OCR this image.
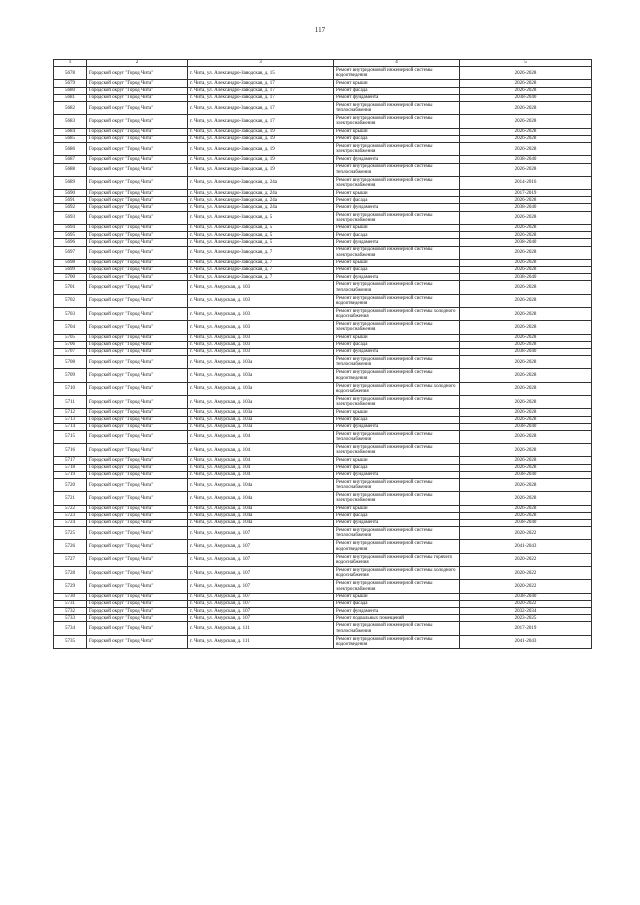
117
1	2	3	4	5
5678	Городской округ "Город Чита"	г. Чита, ул. Александро-Заводская, д. 15	Ремонт внутридомовой инженерной системы водоотведения	2026-2028
5679	Городской округ "Город Чита"	г. Чита, ул. Александро-Заводская, д. 17	Ремонт крыши	2026-2028
5680	Городской округ "Город Чита"	г. Чита, ул. Александро-Заводская, д. 17	Ремонт фасада	2026-2028
5681	Городской округ "Город Чита"	г. Чита, ул. Александро-Заводская, д. 17	Ремонт фундамента	2038-2040
5682	Городской округ "Город Чита"	г. Чита, ул. Александро-Заводская, д. 17	Ремонт внутридомовой инженерной системы теплоснабжения	2026-2028
5683	Городской округ "Город Чита"	г. Чита, ул. Александро-Заводская, д. 17	Ремонт внутридомовой инженерной системы электроснабжения	2026-2028
5684	Городской округ "Город Чита"	г. Чита, ул. Александро-Заводская, д. 19	Ремонт крыши	2026-2028
5685	Городской округ "Город Чита"	г. Чита, ул. Александро-Заводская, д. 19	Ремонт фасада	2026-2028
5686	Городской округ "Город Чита"	г. Чита, ул. Александро-Заводская, д. 19	Ремонт внутридомовой инженерной системы электроснабжения	2026-2028
5687	Городской округ "Город Чита"	г. Чита, ул. Александро-Заводская, д. 19	Ремонт фундамента	2038-2040
5688	Городской округ "Город Чита"	г. Чита, ул. Александро-Заводская, д. 19	Ремонт внутридомовой инженерной системы теплоснабжения	2026-2028
5689	Городской округ "Город Чита"	г. Чита, ул. Александро-Заводская, д. 24а	Ремонт внутридомовой инженерной системы электроснабжения	2014-2016
5690	Городской округ "Город Чита"	г. Чита, ул. Александро-Заводская, д. 24а	Ремонт крыши	2017-2019
5691	Городской округ "Город Чита"	г. Чита, ул. Александро-Заводская, д. 24а	Ремонт фасада	2026-2028
5692	Городской округ "Город Чита"	г. Чита, ул. Александро-Заводская, д. 24а	Ремонт фундамента	2038-2040
5693	Городской округ "Город Чита"	г. Чита, ул. Александро-Заводская, д. 5	Ремонт внутридомовой инженерной системы электроснабжения	2026-2028
5694	Городской округ "Город Чита"	г. Чита, ул. Александро-Заводская, д. 5	Ремонт крыши	2026-2028
5695	Городской округ "Город Чита"	г. Чита, ул. Александро-Заводская, д. 5	Ремонт фасада	2026-2028
5696	Городской округ "Город Чита"	г. Чита, ул. Александро-Заводская, д. 5	Ремонт фундамента	2038-2040
5697	Городской округ "Город Чита"	г. Чита, ул. Александро-Заводская, д. 7	Ремонт внутридомовой инженерной системы электроснабжения	2026-2028
5698	Городской округ "Город Чита"	г. Чита, ул. Александро-Заводская, д. 7	Ремонт крыши	2026-2028
5699	Городской округ "Город Чита"	г. Чита, ул. Александро-Заводская, д. 7	Ремонт фасада	2026-2028
5700	Городской округ "Город Чита"	г. Чита, ул. Александро-Заводская, д. 7	Ремонт фундамента	2038-2040
5701	Городской округ "Город Чита"	г. Чита, ул. Амурская, д. 103	Ремонт внутридомовой инженерной системы теплоснабжения	2026-2028
5702	Городской округ "Город Чита"	г. Чита, ул. Амурская, д. 103	Ремонт внутридомовой инженерной системы водоотведения	2026-2028
5703	Городской округ "Город Чита"	г. Чита, ул. Амурская, д. 103	Ремонт внутридомовой инженерной системы холодного водоснабжения	2026-2028
5704	Городской округ "Город Чита"	г. Чита, ул. Амурская, д. 103	Ремонт внутридомовой инженерной системы электроснабжения	2026-2028
5705	Городской округ "Город Чита"	г. Чита, ул. Амурская, д. 103	Ремонт крыши	2026-2028
5706	Городской округ "Город Чита"	г. Чита, ул. Амурская, д. 103	Ремонт фасада	2026-2028
5707	Городской округ "Город Чита"	г. Чита, ул. Амурская, д. 103	Ремонт фундамента	2038-2040
5708	Городской округ "Город Чита"	г. Чита, ул. Амурская, д. 103а	Ремонт внутридомовой инженерной системы теплоснабжения	2026-2028
5709	Городской округ "Город Чита"	г. Чита, ул. Амурская, д. 103а	Ремонт внутридомовой инженерной системы водоотведения	2026-2028
5710	Городской округ "Город Чита"	г. Чита, ул. Амурская, д. 103а	Ремонт внутридомовой инженерной системы холодного водоснабжения	2026-2028
5711	Городской округ "Город Чита"	г. Чита, ул. Амурская, д. 103а	Ремонт внутридомовой инженерной системы электроснабжения	2026-2028
5712	Городской округ "Город Чита"	г. Чита, ул. Амурская, д. 103а	Ремонт крыши	2026-2028
5713	Городской округ "Город Чита"	г. Чита, ул. Амурская, д. 103а	Ремонт фасада	2026-2028
5714	Городской округ "Город Чита"	г. Чита, ул. Амурская, д. 103а	Ремонт фундамента	2038-2040
5715	Городской округ "Город Чита"	г. Чита, ул. Амурская, д. 104	Ремонт внутридомовой инженерной системы теплоснабжения	2026-2028
5716	Городской округ "Город Чита"	г. Чита, ул. Амурская, д. 104	Ремонт внутридомовой инженерной системы электроснабжения	2026-2028
5717	Городской округ "Город Чита"	г. Чита, ул. Амурская, д. 104	Ремонт крыши	2026-2028
5718	Городской округ "Город Чита"	г. Чита, ул. Амурская, д. 104	Ремонт фасада	2026-2028
5719	Городской округ "Город Чита"	г. Чита, ул. Амурская, д. 104	Ремонт фундамента	2038-2040
5720	Городской округ "Город Чита"	г. Чита, ул. Амурская, д. 104а	Ремонт внутридомовой инженерной системы теплоснабжения	2026-2028
5721	Городской округ "Город Чита"	г. Чита, ул. Амурская, д. 104а	Ремонт внутридомовой инженерной системы электроснабжения	2026-2028
5722	Городской округ "Город Чита"	г. Чита, ул. Амурская, д. 104а	Ремонт крыши	2026-2028
5723	Городской округ "Город Чита"	г. Чита, ул. Амурская, д. 104а	Ремонт фасада	2026-2028
5724	Городской округ "Город Чита"	г. Чита, ул. Амурская, д. 104а	Ремонт фундамента	2038-2040
5725	Городской округ "Город Чита"	г. Чита, ул. Амурская, д. 107	Ремонт внутридомовой инженерной системы теплоснабжения	2020-2022
5726	Городской округ "Город Чита"	г. Чита, ул. Амурская, д. 107	Ремонт внутридомовой инженерной системы водоотведения	2041-2043
5727	Городской округ "Город Чита"	г. Чита, ул. Амурская, д. 107	Ремонт внутридомовой инженерной системы горячего водоснабжения	2020-2022
5728	Городской округ "Город Чита"	г. Чита, ул. Амурская, д. 107	Ремонт внутридомовой инженерной системы холодного водоснабжения	2020-2022
5729	Городской округ "Город Чита"	г. Чита, ул. Амурская, д. 107	Ремонт внутридомовой инженерной системы электроснабжения	2020-2022
5730	Городской округ "Город Чита"	г. Чита, ул. Амурская, д. 107	Ремонт крыши	2038-2040
5731	Городской округ "Город Чита"	г. Чита, ул. Амурская, д. 107	Ремонт фасада	2020-2022
5732	Городской округ "Город Чита"	г. Чита, ул. Амурская, д. 107	Ремонт фундамента	2032-2034
5733	Городской округ "Город Чита"	г. Чита, ул. Амурская, д. 107	Ремонт подвальных помещений	2023-2025
5734	Городской округ "Город Чита"	г. Чита, ул. Амурская, д. 111	Ремонт внутридомовой инженерной системы теплоснабжения	2017-2019
5735	Городской округ "Город Чита"	г. Чита, ул. Амурская, д. 111	Ремонт внутридомовой инженерной системы водоотведения	2041-2043
